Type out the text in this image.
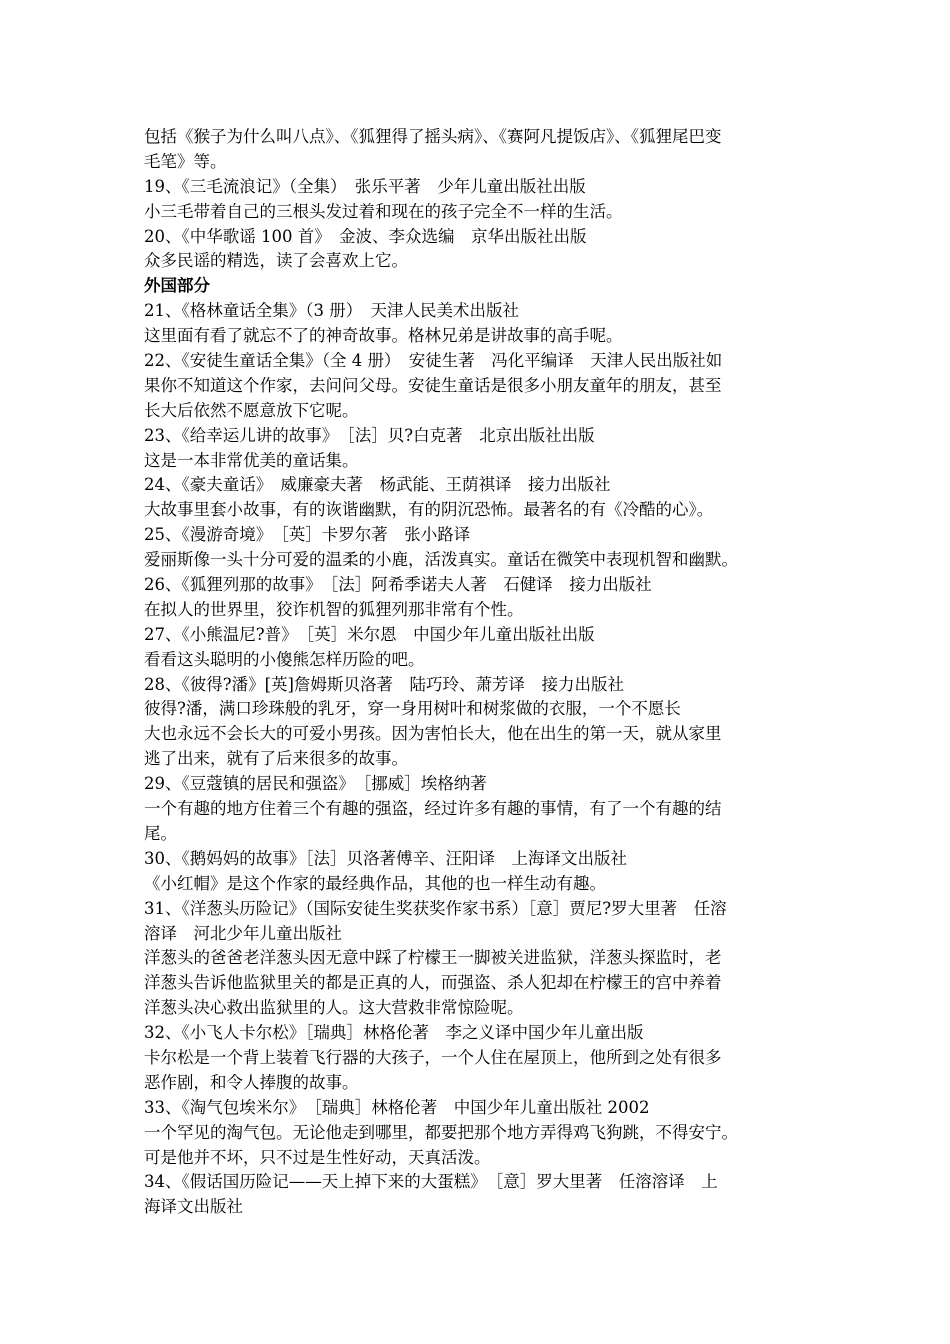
包括《猴子为什么叫八点》、《狐狸得了摇头病》、《赛阿凡提饭店》、《狐狸尾巴变
毛笔》等。
19、《三毛流浪记》（全集）　张乐平著　少年儿童出版社出版
小三毛带着自己的三根头发过着和现在的孩子完全不一样的生活。
20、《中华歌谣 100 首》　金波、李众选编　京华出版社出版
众多民谣的精选，读了会喜欢上它。
外国部分
21、《格林童话全集》（3 册）　天津人民美术出版社
这里面有看了就忘不了的神奇故事。格林兄弟是讲故事的高手呢。
22、《安徒生童话全集》（全 4 册）　安徒生著　冯化平编译　天津人民出版社如
果你不知道这个作家，去问问父母。安徒生童话是很多小朋友童年的朋友，甚至
长大后依然不愿意放下它呢。
23、《给幸运儿讲的故事》　［法］贝?白克著　北京出版社出版
这是一本非常优美的童话集。
24、《豪夫童话》　威廉豪夫著　杨武能、王荫祺译　接力出版社
大故事里套小故事，有的诙谐幽默，有的阴沉恐怖。最著名的有《冷酷的心》。
25、《漫游奇境》　［英］卡罗尔著　张小路译
爱丽斯像一头十分可爱的温柔的小鹿，活泼真实。童话在微笑中表现机智和幽默。
26、《狐狸列那的故事》　［法］阿希季诺夫人著　石健译　接力出版社
在拟人的世界里，狡诈机智的狐狸列那非常有个性。
27、《小熊温尼?普》　［英］米尔恩　中国少年儿童出版社出版
看看这头聪明的小傻熊怎样历险的吧。
28、《彼得?潘》[英]詹姆斯贝洛著　陆巧玲、萧芳译　接力出版社
彼得?潘，满口珍珠般的乳牙，穿一身用树叶和树浆做的衣服，一个不愿长
大也永远不会长大的可爱小男孩。因为害怕长大，他在出生的第一天，就从家里
逃了出来，就有了后来很多的故事。
29、《豆蔻镇的居民和强盗》　［挪威］埃格纳著
一个有趣的地方住着三个有趣的强盗，经过许多有趣的事情，有了一个有趣的结
尾。
30、《鹅妈妈的故事》［法］贝洛著傅辛、汪阳译　上海译文出版社
《小红帽》是这个作家的最经典作品，其他的也一样生动有趣。
31、《洋葱头历险记》（国际安徒生奖获奖作家书系）［意］贾尼?罗大里著　任溶
溶译　河北少年儿童出版社
洋葱头的爸爸老洋葱头因无意中踩了柠檬王一脚被关进监狱，洋葱头探监时，老
洋葱头告诉他监狱里关的都是正真的人，而强盗、杀人犯却在柠檬王的宫中养着
洋葱头决心救出监狱里的人。这大营救非常惊险呢。
32、《小飞人卡尔松》［瑞典］林格伦著　李之义译中国少年儿童出版
卡尔松是一个背上装着飞行器的大孩子，一个人住在屋顶上，他所到之处有很多
恶作剧，和令人捧腹的故事。
33、《淘气包埃米尔》　［瑞典］林格伦著　中国少年儿童出版社 2002
一个罕见的淘气包。无论他走到哪里，都要把那个地方弄得鸡飞狗跳，不得安宁。
可是他并不坏，只不过是生性好动，天真活泼。
34、《假话国历险记——天上掉下来的大蛋糕》　［意］罗大里著　任溶溶译　上
海译文出版社
